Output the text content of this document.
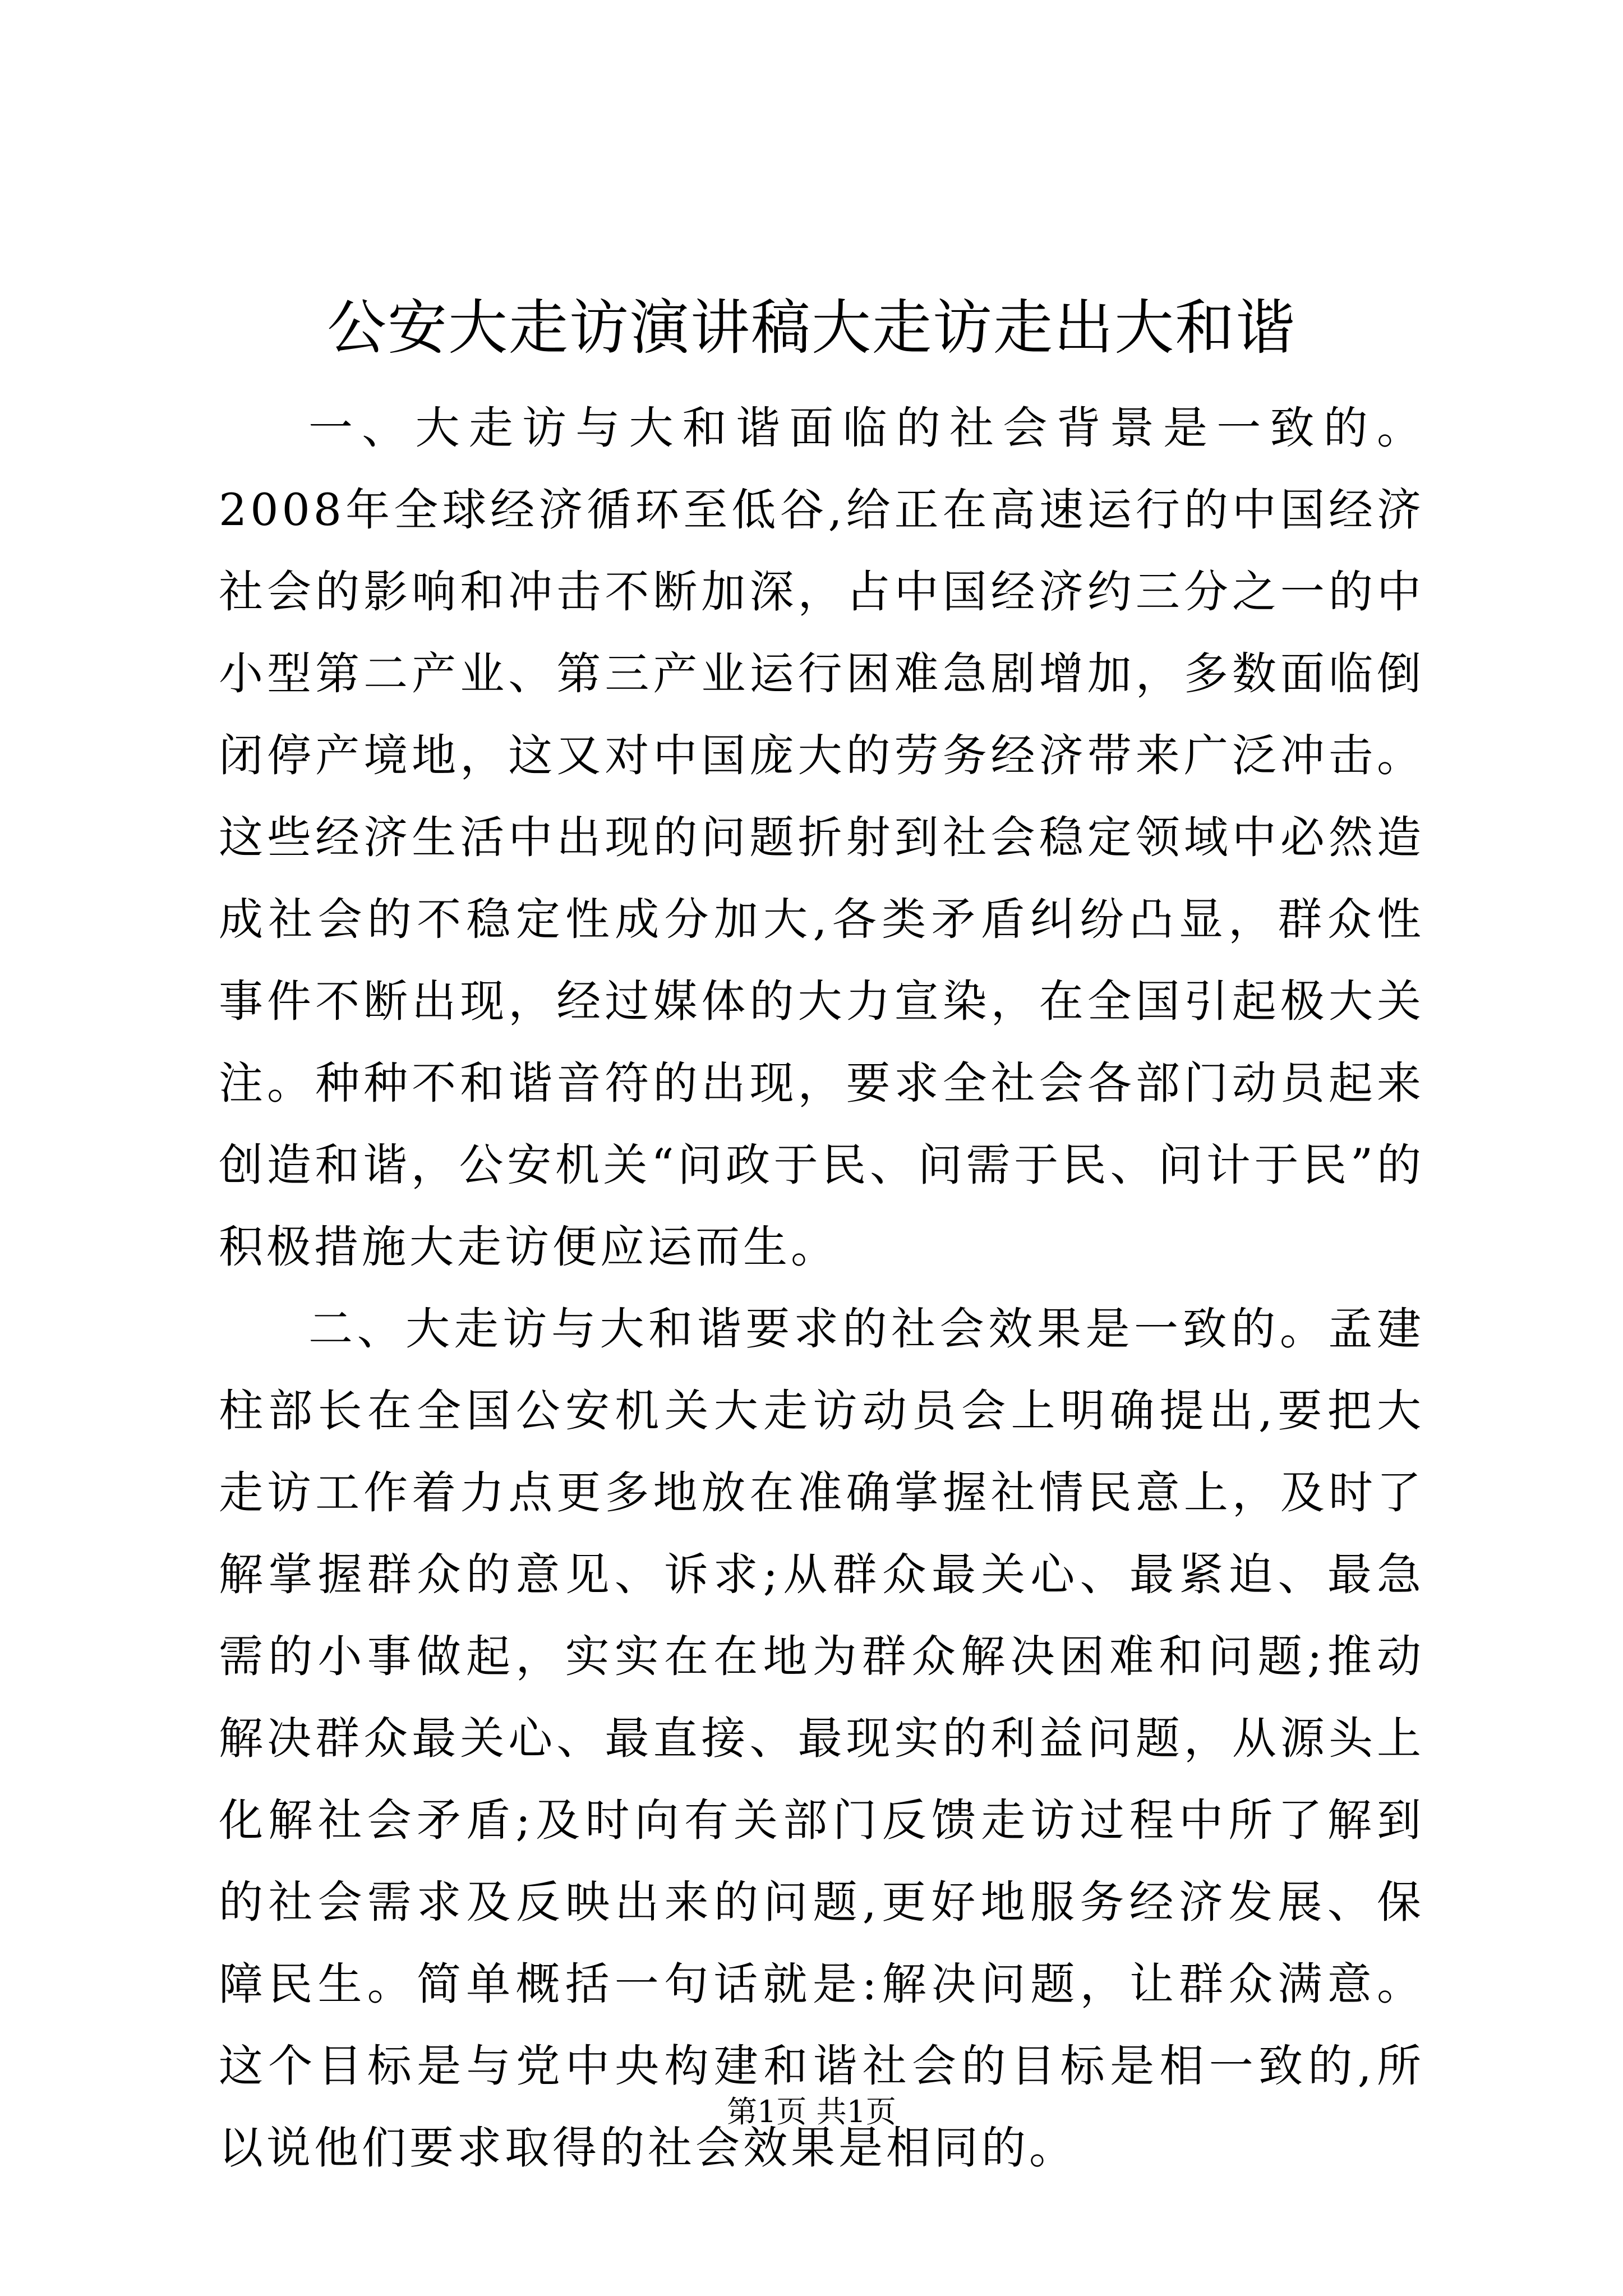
公安大走访演讲稿大走访走出大和谐

一、大走访与大和谐面临的社会背景是一致的。2008年全球经济循环至低谷,给正在高速运行的中国经济社会的影响和冲击不断加深，占中国经济约三分之一的中小型第二产业、第三产业运行困难急剧增加，多数面临倒闭停产境地，这又对中国庞大的劳务经济带来广泛冲击。这些经济生活中出现的问题折射到社会稳定领域中必然造成社会的不稳定性成分加大,各类矛盾纠纷凸显，群众性事件不断出现，经过媒体的大力宣染，在全国引起极大关注。种种不和谐音符的出现，要求全社会各部门动员起来创造和谐，公安机关“问政于民、问需于民、问计于民”的积极措施大走访便应运而生。

二、大走访与大和谐要求的社会效果是一致的。孟建柱部长在全国公安机关大走访动员会上明确提出,要把大走访工作着力点更多地放在准确掌握社情民意上，及时了解掌握群众的意见、诉求;从群众最关心、最紧迫、最急需的小事做起，实实在在地为群众解决困难和问题;推动解决群众最关心、最直接、最现实的利益问题，从源头上化解社会矛盾;及时向有关部门反馈走访过程中所了解到的社会需求及反映出来的问题,更好地服务经济发展、保障民生。简单概括一句话就是:解决问题，让群众满意。这个目标是与党中央构建和谐社会的目标是相一致的,所以说他们要求取得的社会效果是相同的。

第1页 共1页
